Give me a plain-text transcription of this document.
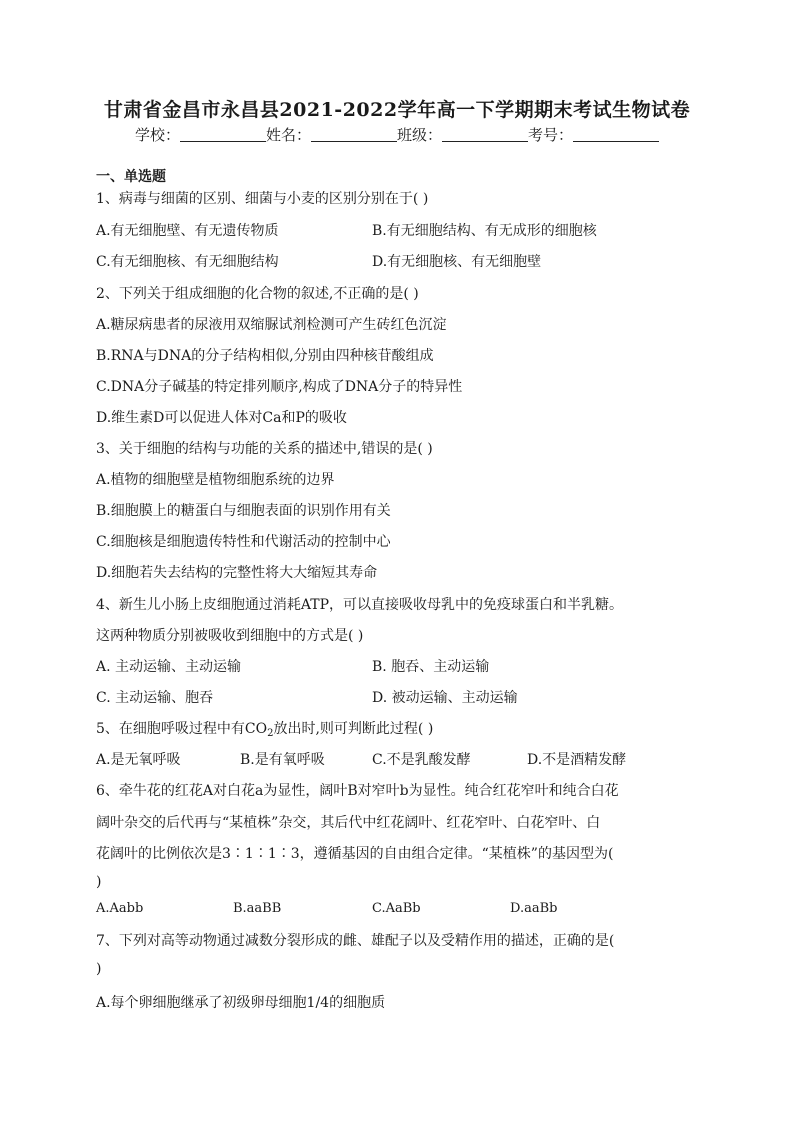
甘肃省金昌市永昌县2021-2022学年高一下学期期末考试生物试卷
学校：	姓名：	班级：	考号：
一、单选题
1、病毒与细菌的区别、细菌与小麦的区别分别在于( )
A.有无细胞壁、有无遗传物质	B.有无细胞结构、有无成形的细胞核
C.有无细胞核、有无细胞结构	D.有无细胞核、有无细胞壁
2、下列关于组成细胞的化合物的叙述,不正确的是( )
A.糖尿病患者的尿液用双缩脲试剂检测可产生砖红色沉淀
B.RNA与DNA的分子结构相似,分别由四种核苷酸组成
C.DNA分子碱基的特定排列顺序,构成了DNA分子的特异性
D.维生素D可以促进人体对Ca和P的吸收
3、关于细胞的结构与功能的关系的描述中,错误的是( )
A.植物的细胞壁是植物细胞系统的边界
B.细胞膜上的糖蛋白与细胞表面的识别作用有关
C.细胞核是细胞遗传特性和代谢活动的控制中心
D.细胞若失去结构的完整性将大大缩短其寿命
4、新生儿小肠上皮细胞通过消耗ATP，可以直接吸收母乳中的免疫球蛋白和半乳糖。
这两种物质分别被吸收到细胞中的方式是( )
A. 主动运输、主动运输	B. 胞吞、主动运输
C. 主动运输、胞吞	D. 被动运输、主动运输
5、在细胞呼吸过程中有$CO_2$放出时,则可判断此过程( )
A.是无氧呼吸	B.是有氧呼吸	C.不是乳酸发酵	D.不是酒精发酵
6、牵牛花的红花A对白花a为显性，阔叶B对窄叶b为显性。纯合红花窄叶和纯合白花
阔叶杂交的后代再与“某植株”杂交，其后代中红花阔叶、红花窄叶、白花窄叶、白
花阔叶的比例依次是3∶1∶1∶3，遵循基因的自由组合定律。“某植株”的基因型为(
)
A.Aabb	B.aaBB	C.AaBb	D.aaBb
7、下列对高等动物通过减数分裂形成的雌、雄配子以及受精作用的描述，正确的是(
)
A.每个卵细胞继承了初级卵母细胞1/4的细胞质
